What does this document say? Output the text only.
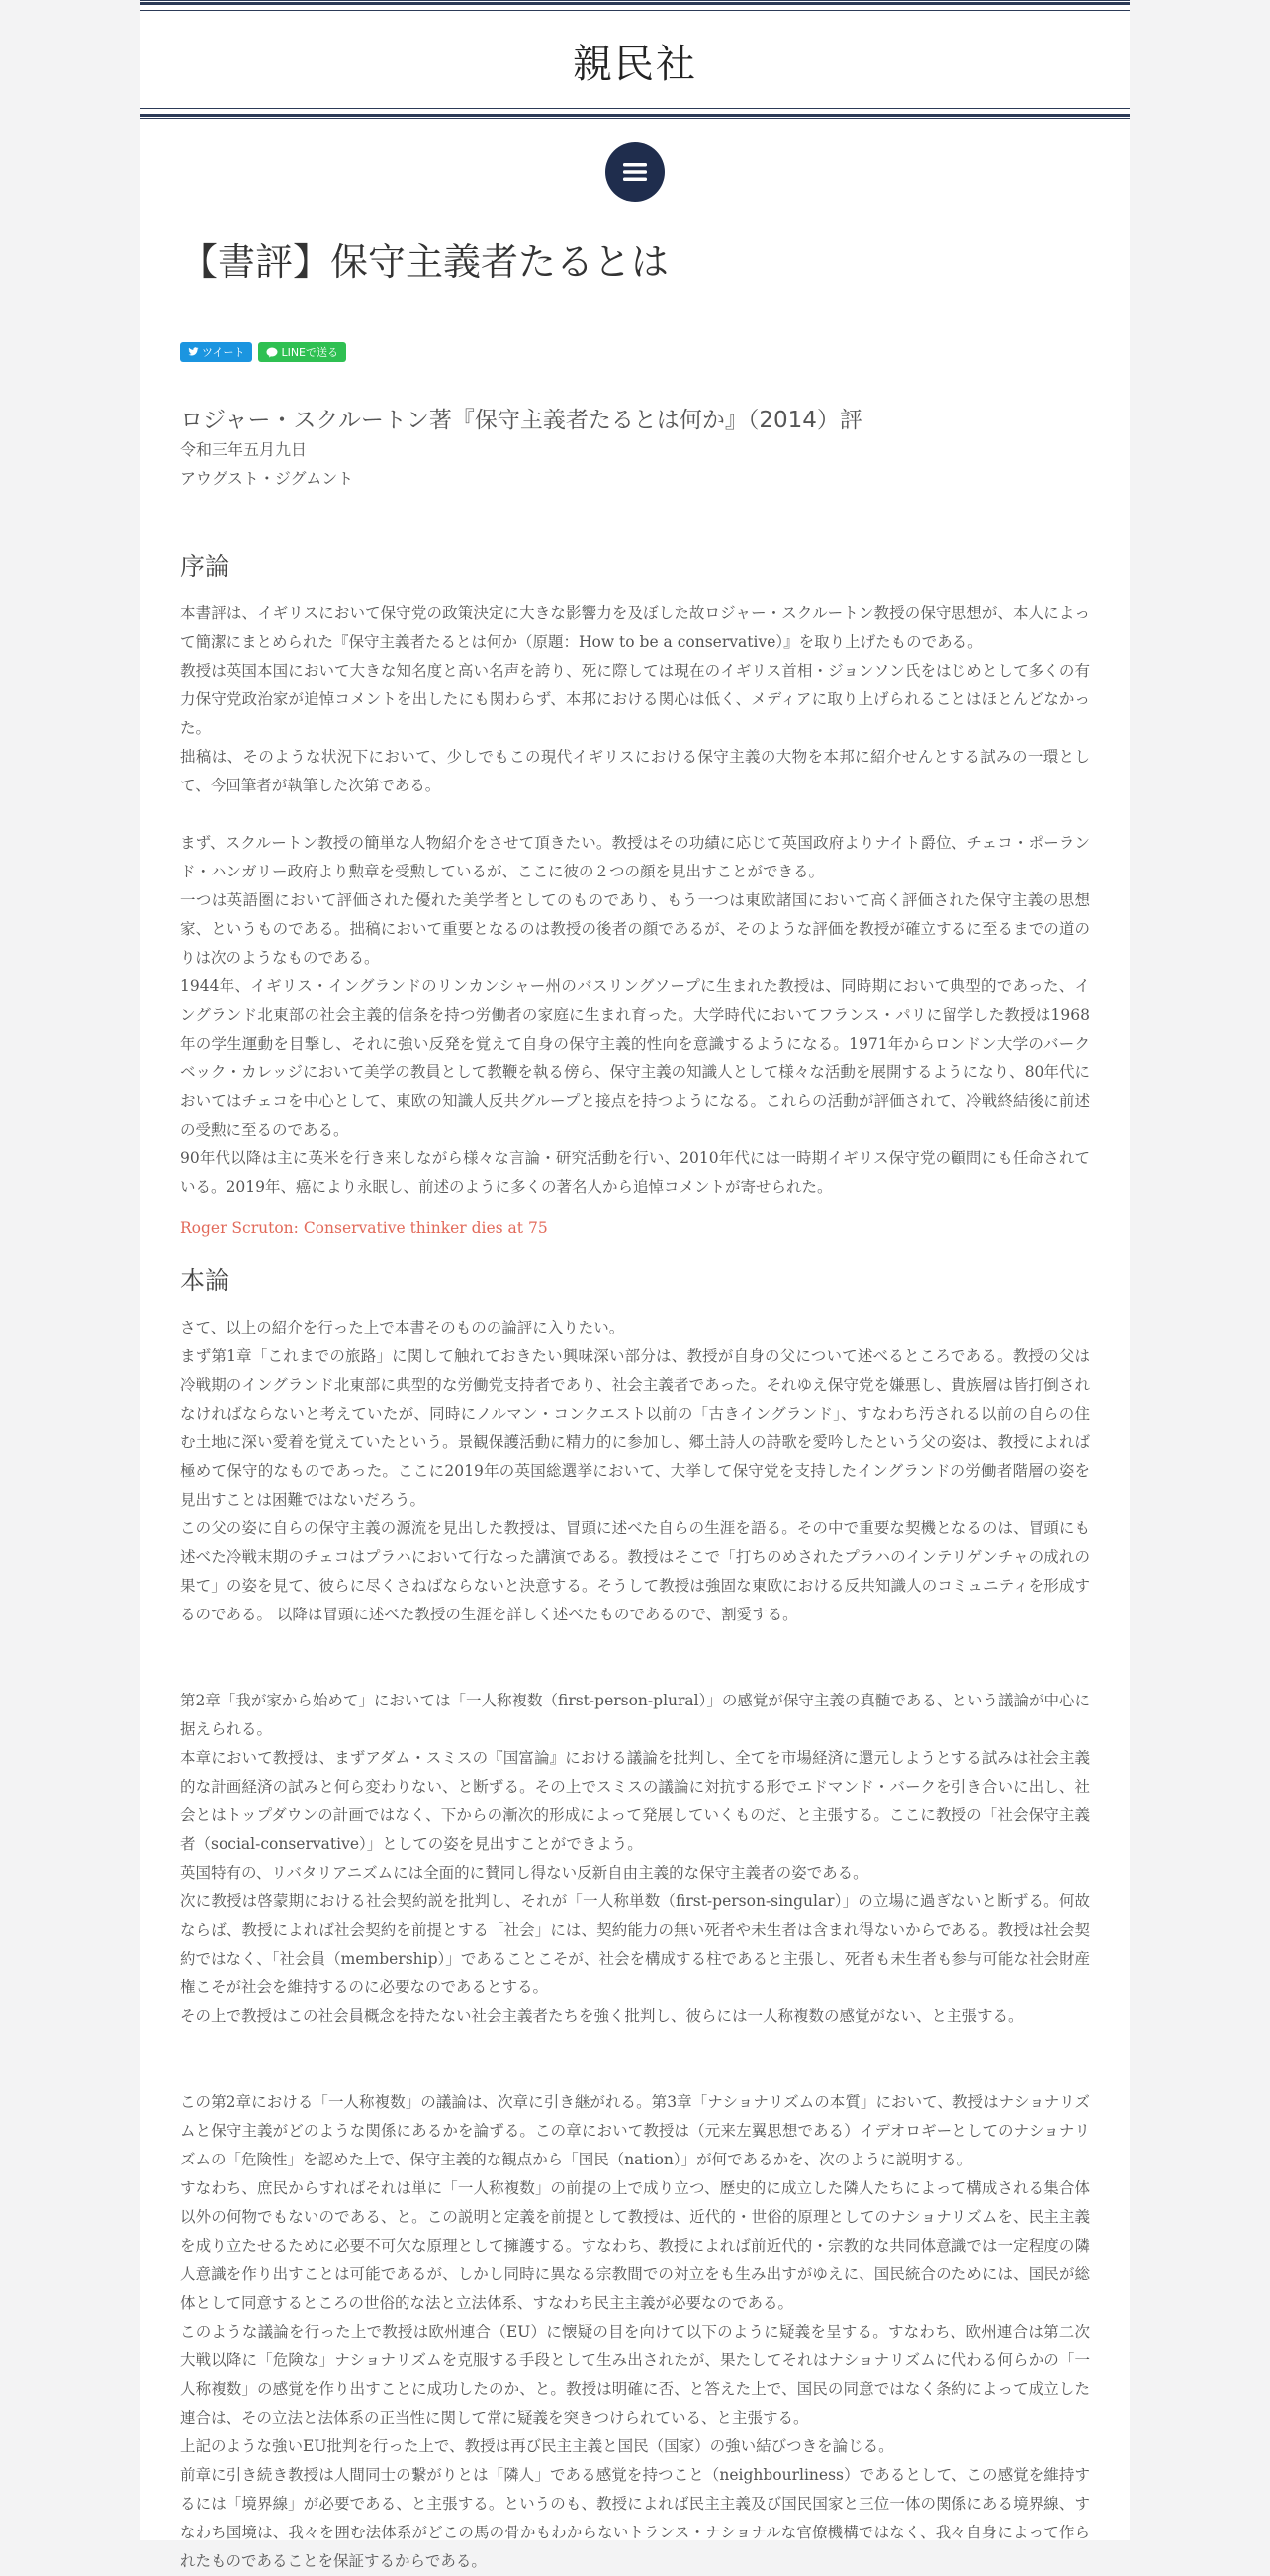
親民社
【書評】保守主義者たるとは
ツイート	LINEで送る
ロジャー・スクルートン著『保守主義者たるとは何か』（2014）評
令和三年五月九日
アウグスト・ジグムント
序論

本書評は、イギリスにおいて保守党の政策決定に大きな影響力を及ぼした故ロジャー・スクルートン教授の保守思想が、本人によって簡潔にまとめられた『保守主義者たるとは何か（原題：How to be a conservative）』を取り上げたものである。

教授は英国本国において大きな知名度と高い名声を誇り、死に際しては現在のイギリス首相・ジョンソン氏をはじめとして多くの有力保守党政治家が追悼コメントを出したにも関わらず、本邦における関心は低く、メディアに取り上げられることはほとんどなかった。

拙稿は、そのような状況下において、少しでもこの現代イギリスにおける保守主義の大物を本邦に紹介せんとする試みの一環として、今回筆者が執筆した次第である。

まず、スクルートン教授の簡単な人物紹介をさせて頂きたい。教授はその功績に応じて英国政府よりナイト爵位、チェコ・ポーランド・ハンガリー政府より勲章を受勲しているが、ここに彼の２つの顔を見出すことができる。

一つは英語圏において評価された優れた美学者としてのものであり、もう一つは東欧諸国において高く評価された保守主義の思想家、というものである。拙稿において重要となるのは教授の後者の顔であるが、そのような評価を教授が確立するに至るまでの道のりは次のようなものである。

1944年、イギリス・イングランドのリンカンシャー州のバスリングソープに生まれた教授は、同時期において典型的であった、イングランド北東部の社会主義的信条を持つ労働者の家庭に生まれ育った。大学時代においてフランス・パリに留学した教授は1968年の学生運動を目撃し、それに強い反発を覚えて自身の保守主義的性向を意識するようになる。1971年からロンドン大学のバークベック・カレッジにおいて美学の教員として教鞭を執る傍ら、保守主義の知識人として様々な活動を展開するようになり、80年代においてはチェコを中心として、東欧の知識人反共グループと接点を持つようになる。これらの活動が評価されて、冷戦終結後に前述の受勲に至るのである。

90年代以降は主に英米を行き来しながら様々な言論・研究活動を行い、2010年代には一時期イギリス保守党の顧問にも任命されている。2019年、癌により永眠し、前述のように多くの著名人から追悼コメントが寄せられた。

Roger Scruton: Conservative thinker dies at 75
本論

さて、以上の紹介を行った上で本書そのものの論評に入りたい。

まず第1章「これまでの旅路」に関して触れておきたい興味深い部分は、教授が自身の父について述べるところである。教授の父は冷戦期のイングランド北東部に典型的な労働党支持者であり、社会主義者であった。それゆえ保守党を嫌悪し、貴族層は皆打倒されなければならないと考えていたが、同時にノルマン・コンクエスト以前の「古きイングランド」、すなわち汚される以前の自らの住む土地に深い愛着を覚えていたという。景観保護活動に精力的に参加し、郷土詩人の詩歌を愛吟したという父の姿は、教授によれば極めて保守的なものであった。ここに2019年の英国総選挙において、大挙して保守党を支持したイングランドの労働者階層の姿を見出すことは困難ではないだろう。

この父の姿に自らの保守主義の源流を見出した教授は、冒頭に述べた自らの生涯を語る。その中で重要な契機となるのは、冒頭にも述べた冷戦末期のチェコはプラハにおいて行なった講演である。教授はそこで「打ちのめされたプラハのインテリゲンチャの成れの果て」の姿を見て、彼らに尽くさねばならないと決意する。そうして教授は強固な東欧における反共知識人のコミュニティを形成するのである。 以降は冒頭に述べた教授の生涯を詳しく述べたものであるので、割愛する。

第2章「我が家から始めて」においては「一人称複数（first-person-plural）」の感覚が保守主義の真髄である、という議論が中心に据えられる。

本章において教授は、まずアダム・スミスの『国富論』における議論を批判し、全てを市場経済に還元しようとする試みは社会主義的な計画経済の試みと何ら変わりない、と断ずる。その上でスミスの議論に対抗する形でエドマンド・バークを引き合いに出し、社会とはトップダウンの計画ではなく、下からの漸次的形成によって発展していくものだ、と主張する。ここに教授の「社会保守主義者（social-conservative）」としての姿を見出すことができよう。

英国特有の、リバタリアニズムには全面的に賛同し得ない反新自由主義的な保守主義者の姿である。

次に教授は啓蒙期における社会契約説を批判し、それが「一人称単数（first-person-singular）」の立場に過ぎないと断ずる。何故ならば、教授によれば社会契約を前提とする「社会」には、契約能力の無い死者や未生者は含まれ得ないからである。教授は社会契約ではなく、「社会員（membership）」であることこそが、社会を構成する柱であると主張し、死者も未生者も参与可能な社会財産権こそが社会を維持するのに必要なのであるとする。

その上で教授はこの社会員概念を持たない社会主義者たちを強く批判し、彼らには一人称複数の感覚がない、と主張する。

この第2章における「一人称複数」の議論は、次章に引き継がれる。第3章「ナショナリズムの本質」において、教授はナショナリズムと保守主義がどのような関係にあるかを論ずる。この章において教授は（元来左翼思想である）イデオロギーとしてのナショナリズムの「危険性」を認めた上で、保守主義的な観点から「国民（nation）」が何であるかを、次のように説明する。

すなわち、庶民からすればそれは単に「一人称複数」の前提の上で成り立つ、歴史的に成立した隣人たちによって構成される集合体以外の何物でもないのである、と。この説明と定義を前提として教授は、近代的・世俗的原理としてのナショナリズムを、民主主義を成り立たせるために必要不可欠な原理として擁護する。すなわち、教授によれば前近代的・宗教的な共同体意識では一定程度の隣人意識を作り出すことは可能であるが、しかし同時に異なる宗教間での対立をも生み出すがゆえに、国民統合のためには、国民が総体として同意するところの世俗的な法と立法体系、すなわち民主主義が必要なのである。

このような議論を行った上で教授は欧州連合（EU）に懐疑の目を向けて以下のように疑義を呈する。すなわち、欧州連合は第二次大戦以降に「危険な」ナショナリズムを克服する手段として生み出されたが、果たしてそれはナショナリズムに代わる何らかの「一人称複数」の感覚を作り出すことに成功したのか、と。教授は明確に否、と答えた上で、国民の同意ではなく条約によって成立した連合は、その立法と法体系の正当性に関して常に疑義を突きつけられている、と主張する。

上記のような強いEU批判を行った上で、教授は再び民主主義と国民（国家）の強い結びつきを論じる。

前章に引き続き教授は人間同士の繋がりとは「隣人」である感覚を持つこと（neighbourliness）であるとして、この感覚を維持するには「境界線」が必要である、と主張する。というのも、教授によれば民主主義及び国民国家と三位一体の関係にある境界線、すなわち国境は、我々を囲む法体系がどこの馬の骨かもわからないトランス・ナショナルな官僚機構ではなく、我々自身によって作られたものであることを保証するからである。
